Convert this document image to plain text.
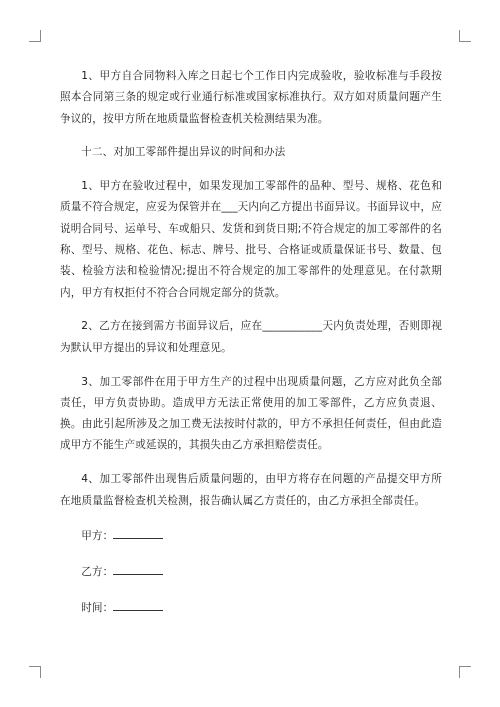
1、甲方自合同物料入库之日起七个工作日内完成验收，验收标准与手段按照本合同第三条的规定或行业通行标准或国家标准执行。双方如对质量问题产生争议的，按甲方所在地质量监督检查机关检测结果为准。

十二、对加工零部件提出异议的时间和办法

1、甲方在验收过程中，如果发现加工零部件的品种、型号、规格、花色和质量不符合规定，应妥为保管并在___天内向乙方提出书面异议。书面异议中，应说明合同号、运单号、车或船只、发货和到货日期;不符合规定的加工零部件的名称、型号、规格、花色、标志、牌号、批号、合格证或质量保证书号、数量、包装、检验方法和检验情况;提出不符合规定的加工零部件的处理意见。在付款期内，甲方有权拒付不符合合同规定部分的货款。

2、乙方在接到需方书面异议后，应在___________天内负责处理，否则即视为默认甲方提出的异议和处理意见。

3、加工零部件在用于甲方生产的过程中出现质量问题，乙方应对此负全部责任，甲方负责协助。造成甲方无法正常使用的加工零部件，乙方应负责退、换。由此引起所涉及之加工费无法按时付款的，甲方不承担任何责任，但由此造成甲方不能生产或延误的，其损失由乙方承担赔偿责任。

4、加工零部件出现售后质量问题的，由甲方将存在问题的产品提交甲方所在地质量监督检查机关检测，报告确认属乙方责任的，由乙方承担全部责任。

甲方：
乙方：
时间：
